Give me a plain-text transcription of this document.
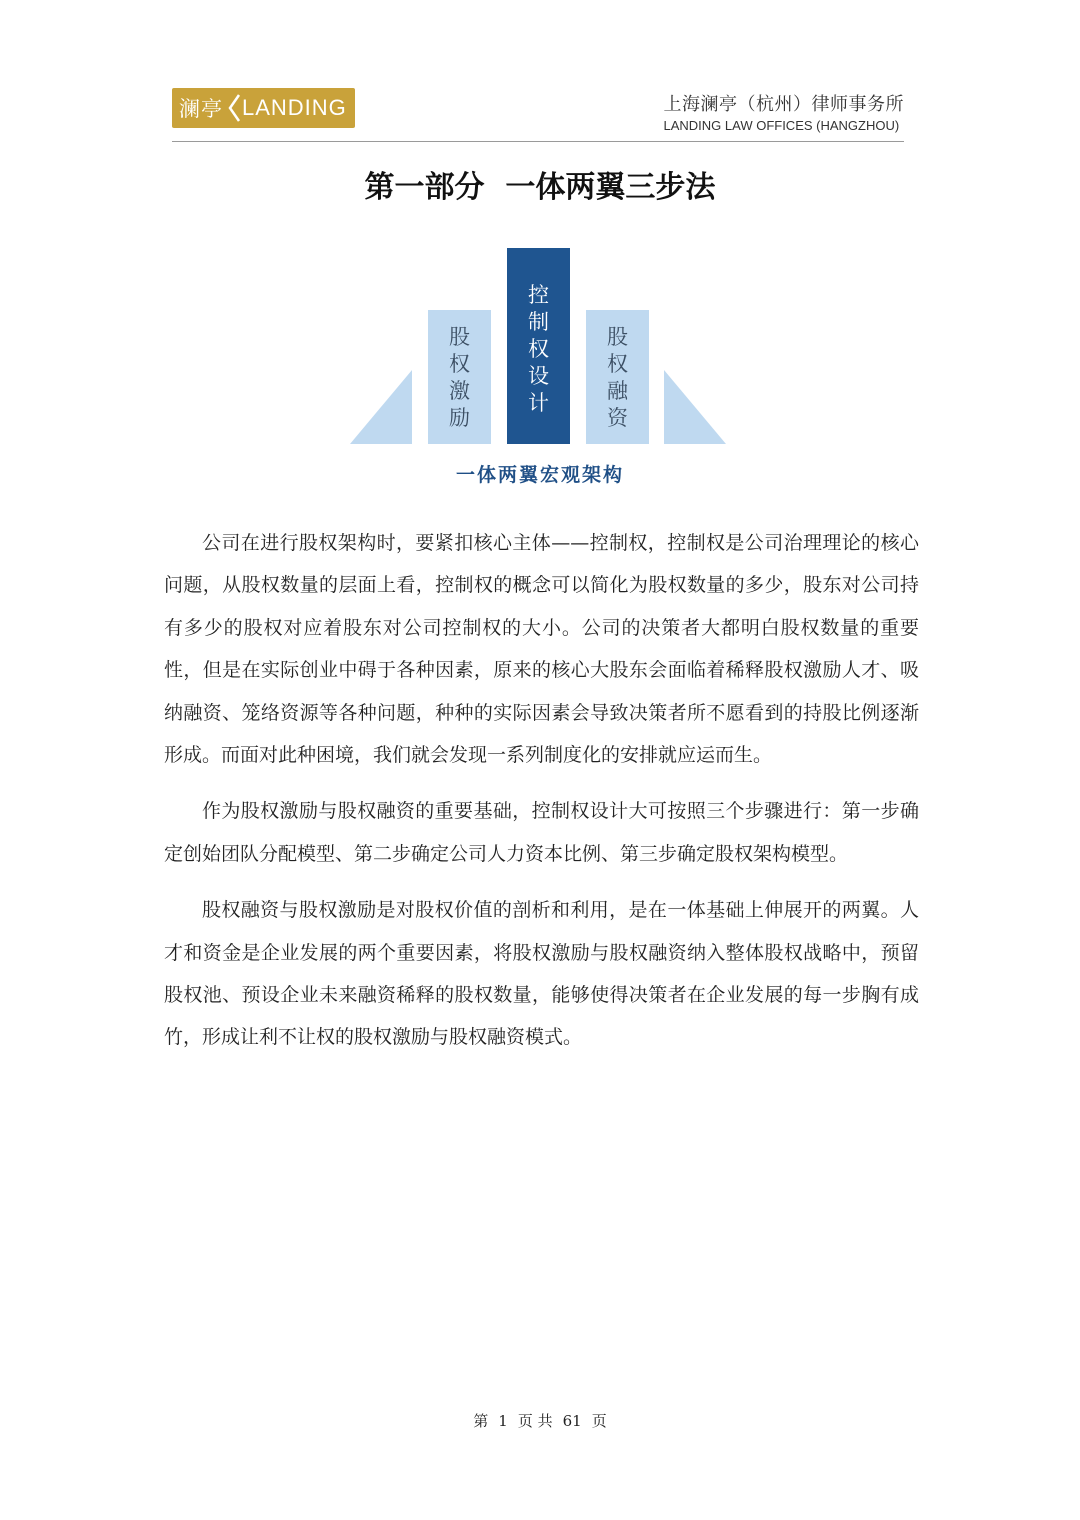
澜亭 LANDING	上海澜亭（杭州）律师事务所
LANDING LAW OFFICES (HANGZHOU)
第一部分  一体两翼三步法
股
权
激
励
控
制
权
设
计
股
权
融
资
一体两翼宏观架构

公司在进行股权架构时，要紧扣核心主体——控制权，控制权是公司治理理论的核心问题，从股权数量的层面上看，控制权的概念可以简化为股权数量的多少，股东对公司持有多少的股权对应着股东对公司控制权的大小。公司的决策者大都明白股权数量的重要性，但是在实际创业中碍于各种因素，原来的核心大股东会面临着稀释股权激励人才、吸纳融资、笼络资源等各种问题，种种的实际因素会导致决策者所不愿看到的持股比例逐渐形成。而面对此种困境，我们就会发现一系列制度化的安排就应运而生。

作为股权激励与股权融资的重要基础，控制权设计大可按照三个步骤进行：第一步确定创始团队分配模型、第二步确定公司人力资本比例、第三步确定股权架构模型。

股权融资与股权激励是对股权价值的剖析和利用，是在一体基础上伸展开的两翼。人才和资金是企业发展的两个重要因素，将股权激励与股权融资纳入整体股权战略中，预留股权池、预设企业未来融资稀释的股权数量，能够使得决策者在企业发展的每一步胸有成竹，形成让利不让权的股权激励与股权融资模式。

第 1 页 共 61 页
